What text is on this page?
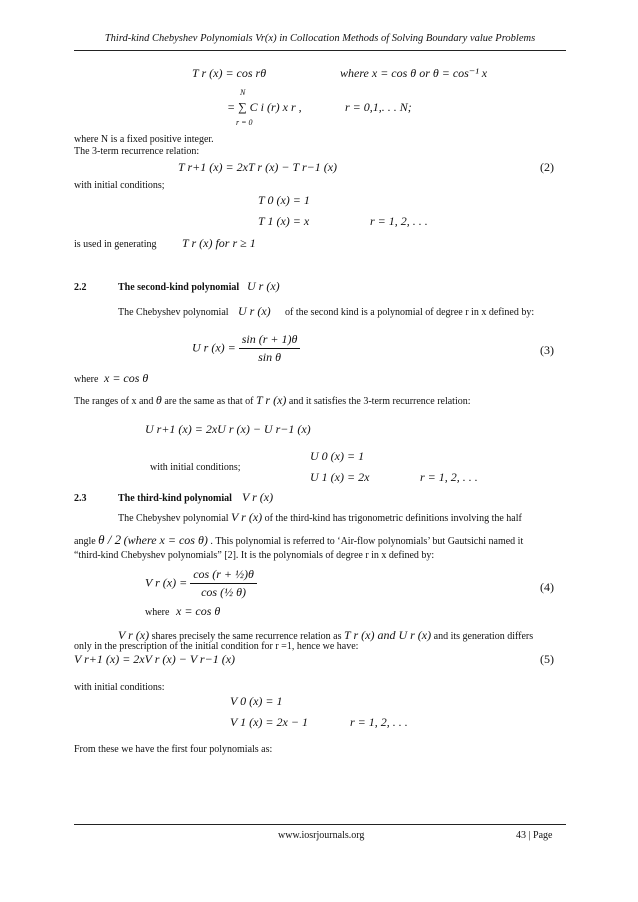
Third-kind Chebyshev Polynomials Vr(x) in Collocation Methods of Solving Boundary value Problems
T r (x) = cos rθ	where x = cos θ or θ = cos⁻¹ x
N
= ∑ C i (r) x r ,
r = 0
r = 0,1,. . . N;
where N is a fixed positive integer.
The 3-term recurrence relation:
T r+1 (x) = 2xT r (x) − T r−1 (x)	(2)
with initial conditions;
T 0 (x) = 1
T 1 (x) = x	r = 1, 2, . . .
is used in generating T r (x) for r ≥ 1
2.2	The second-kind polynomial U r (x)
The Chebyshev polynomial U r (x) of the second kind is a polynomial of degree r in x defined by:
U r $(x) = \frac{\sin (r + 1)\theta}{\text{sin θ}}$	(3)
where x = cos θ
The ranges of x and θ are the same as that of T r (x) and it satisfies the 3-term recurrence relation:
U r+1 (x) = 2xU r (x) − U r−1 (x)
with initial conditions;
U 0 (x) = 1
U 1 (x) = 2x	r = 1, 2, . . .
2.3	The third-kind polynomial V r (x)
The Chebyshev polynomial V r (x) of the third-kind has trigonometric definitions involving the half
angle θ / 2 (where x = cos θ) . This polynomial is referred to ‘Air-flow polynomials’ but Gautsichi named it
“third-kind Chebyshev polynomials” [2]. It is the polynomials of degree r in x defined by:
V r $(x) = \frac{\text{cos (r + ½)θ}}{\text{cos (½ θ)}}$	(4)
where x = cos θ
V r (x) shares precisely the same recurrence relation as T r (x) and U r (x) and its generation differs
only in the prescription of the initial condition for r =1, hence we have:
V r+1 (x) = 2xV r (x) − V r−1 (x)	(5)
with initial conditions:
V 0 (x) = 1
V 1 (x) = 2x − 1	r = 1, 2, . . .
From these we have the first four polynomials as:
www.iosrjournals.org	43 | Page
